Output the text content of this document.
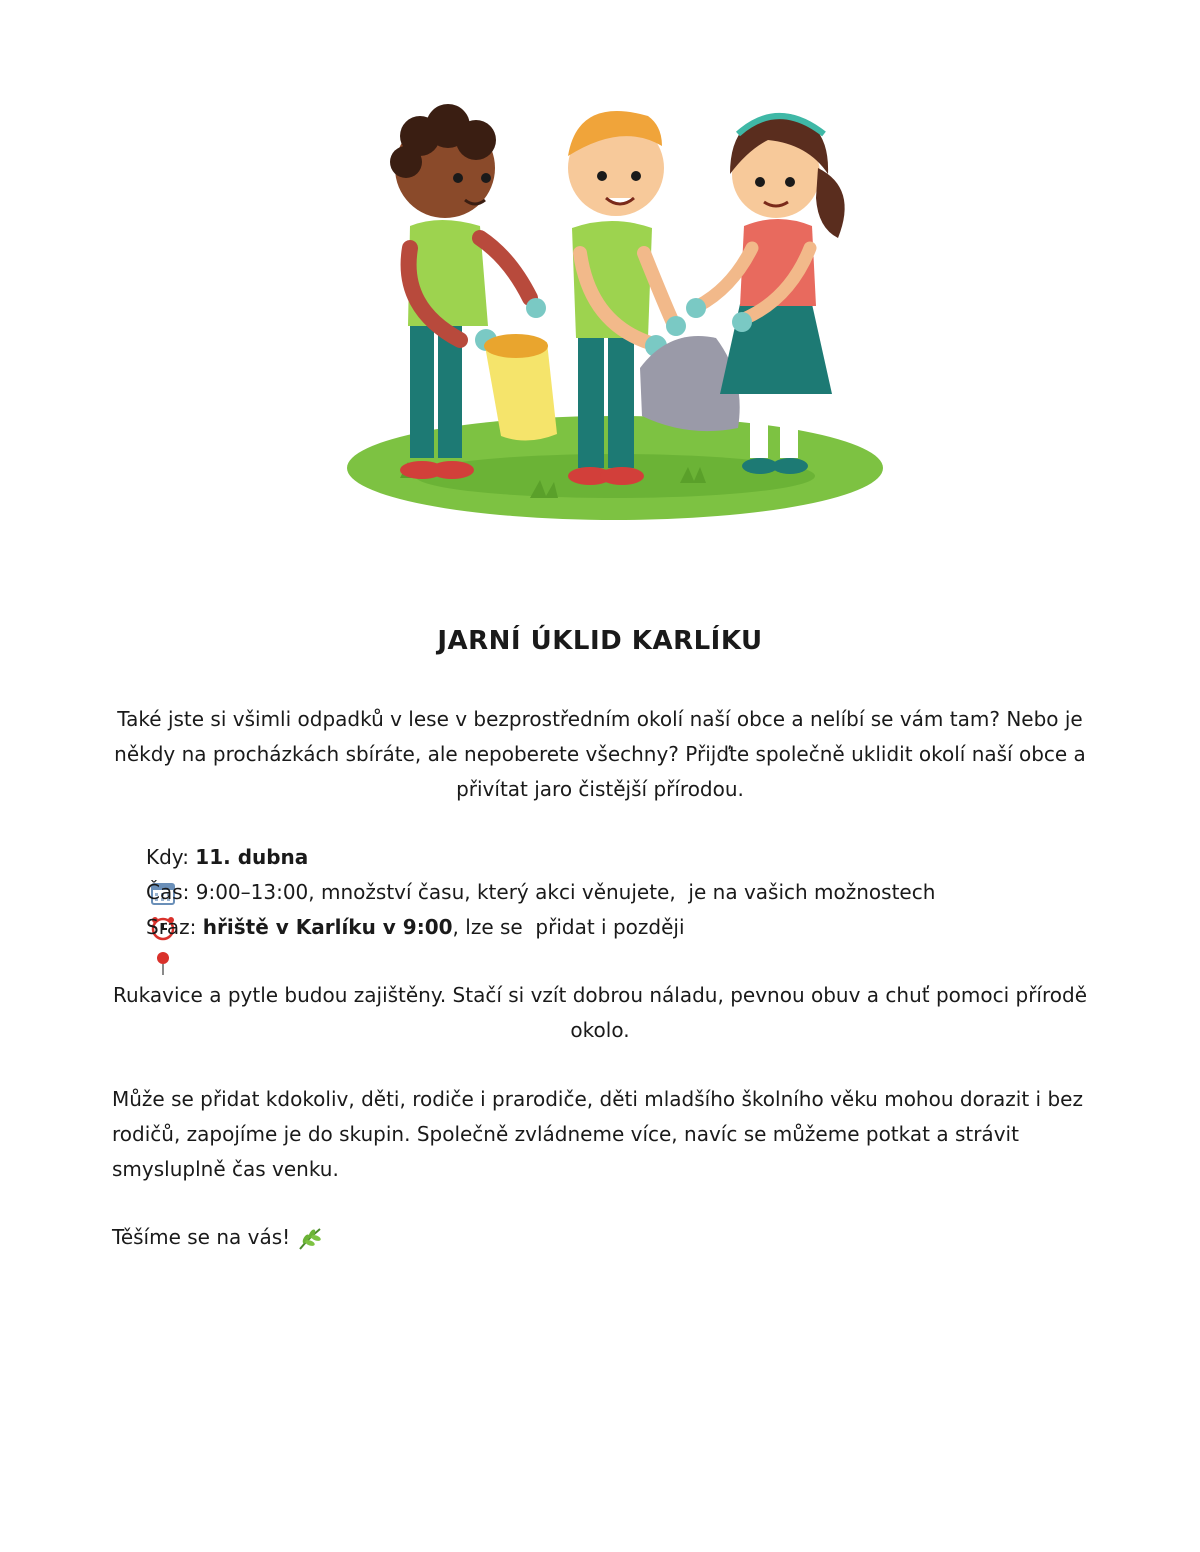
JARNÍ ÚKLID KARLÍKU
Také jste si všimli odpadků v lese v bezprostředním okolí naší obce a nelíbí se vám tam? Nebo je někdy na procházkách sbíráte, ale nepoberete všechny? Přijďte společně uklidit okolí naší obce a přivítat jaro čistější přírodou.

Kdy: 11. dubna

Čas: 9:00–13:00, množství času, který akci věnujete,  je na vašich možnostech

Sraz: hřiště v Karlíku v 9:00 , lze se  přidat i později
Rukavice a pytle budou zajištěny. Stačí si vzít dobrou náladu, pevnou obuv a chuť pomoci přírodě okolo.
Může se přidat kdokoliv, děti, rodiče i prarodiče, děti mladšího školního věku mohou dorazit i bez rodičů, zapojíme je do skupin. Společně zvládneme více, navíc se můžeme potkat a strávit smysluplně čas venku.
Těšíme se na vás!
